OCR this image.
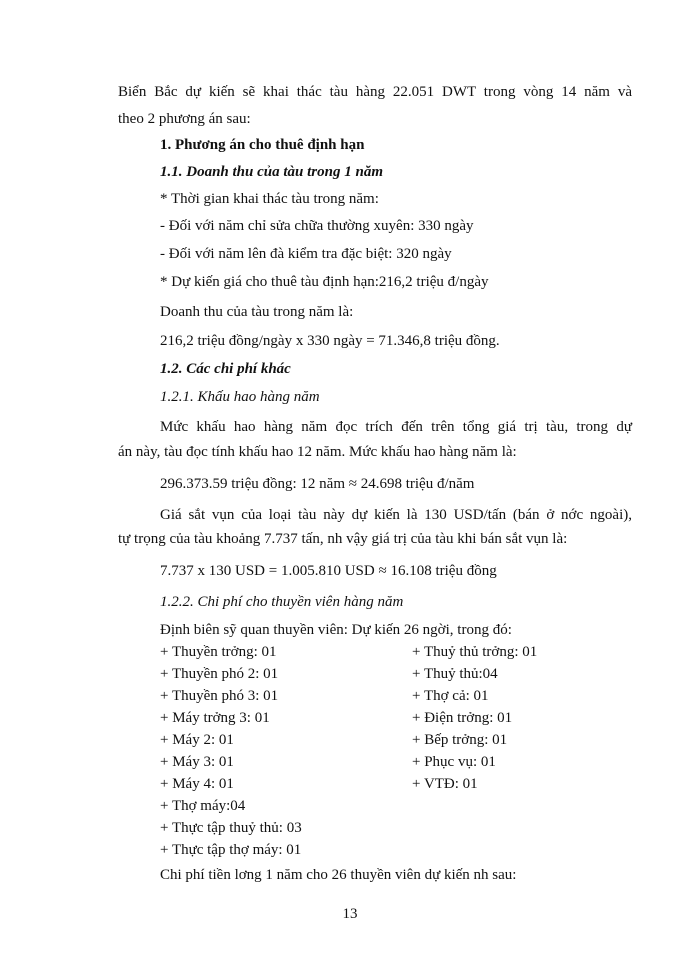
Biển Bắc dự kiến sẽ khai thác tàu hàng 22.051 DWT trong vòng 14 năm và
theo 2 phương án sau:
1. Phương án cho thuê định hạn
1.1. Doanh thu của tàu trong 1 năm
* Thời gian khai thác tàu trong năm:
- Đối với năm chỉ sửa chữa thường xuyên: 330 ngày
- Đối với năm lên đà kiểm tra đặc biệt: 320 ngày
* Dự kiến giá cho thuê tàu định hạn:216,2 triệu đ/ngày
Doanh thu của tàu trong năm là:
216,2 triệu đồng/ngày x 330 ngày = 71.346,8 triệu đồng.
1.2. Các chi phí khác
1.2.1. Khấu hao hàng năm
Mức khấu hao hàng năm đọc trích đến trên tổng giá trị tàu, trong dự
án này, tàu đọc tính khấu hao 12 năm. Mức khấu hao hàng năm là:
296.373.59 triệu đồng: 12 năm ≈ 24.698 triệu đ/năm
Giá sắt vụn của loại tàu này dự kiến là 130 USD/tấn (bán ở nớc ngoài),
tự trọng của tàu khoảng 7.737 tấn, nh vậy giá trị của tàu khi bán sắt vụn là:
7.737 x 130 USD = 1.005.810 USD ≈ 16.108 triệu đồng
1.2.2. Chi phí cho thuyền viên hàng năm
Định biên sỹ quan thuyền viên: Dự kiến 26 ngời, trong đó:
+ Thuyền trởng: 01
+ Thuyền phó 2: 01
+ Thuyền phó 3: 01
+ Máy trởng 3: 01
+ Máy 2: 01
+ Máy 3: 01
+ Máy 4: 01
+ Thợ máy:04
+ Thực tập thuỷ thủ: 03
+ Thực tập thợ máy: 01
+ Thuỷ thủ trởng: 01
+ Thuỷ thủ:04
+ Thợ cả: 01
+ Điện trởng: 01
+ Bếp trởng: 01
+ Phục vụ: 01
+ VTĐ: 01
Chi phí tiền lơng 1 năm cho 26 thuyền viên dự kiến nh sau:
13
